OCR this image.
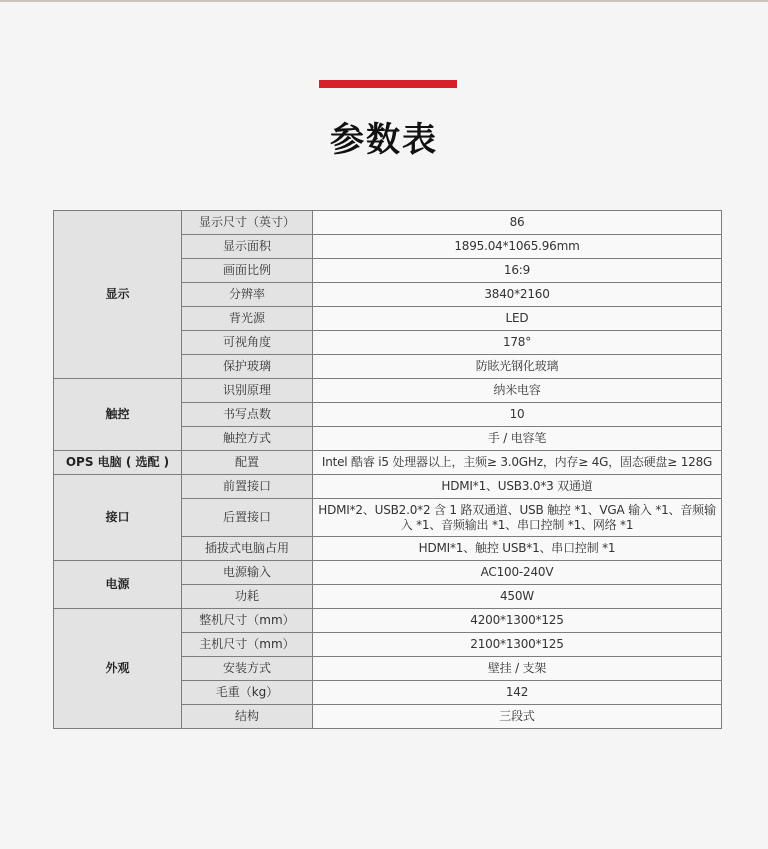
参数表
显示	显示尺寸（英寸）	86
	显示面积	1895.04*1065.96mm
	画面比例	16:9
	分辨率	3840*2160
	背光源	LED
	可视角度	178°
	保护玻璃	防眩光钢化玻璃
触控	识别原理	纳米电容
	书写点数	10
	触控方式	手 / 电容笔
OPS 电脑 ( 选配 )	配置	Intel 酷睿 i5 处理器以上，主频≥ 3.0GHz，内存≥ 4G，固态硬盘≥ 128G
接口	前置接口	HDMI*1、USB3.0*3 双通道
	后置接口	HDMI*2、USB2.0*2 含 1 路双通道、USB 触控 *1、VGA 输入 *1、音频输入 *1、音频输出 *1、串口控制 *1、网络 *1
	插拔式电脑占用	HDMI*1、触控 USB*1、串口控制 *1
电源	电源输入	AC100-240V
	功耗	450W
外观	整机尺寸（mm）	4200*1300*125
	主机尺寸（mm）	2100*1300*125
	安装方式	壁挂 / 支架
	毛重（kg）	142
	结构	三段式
